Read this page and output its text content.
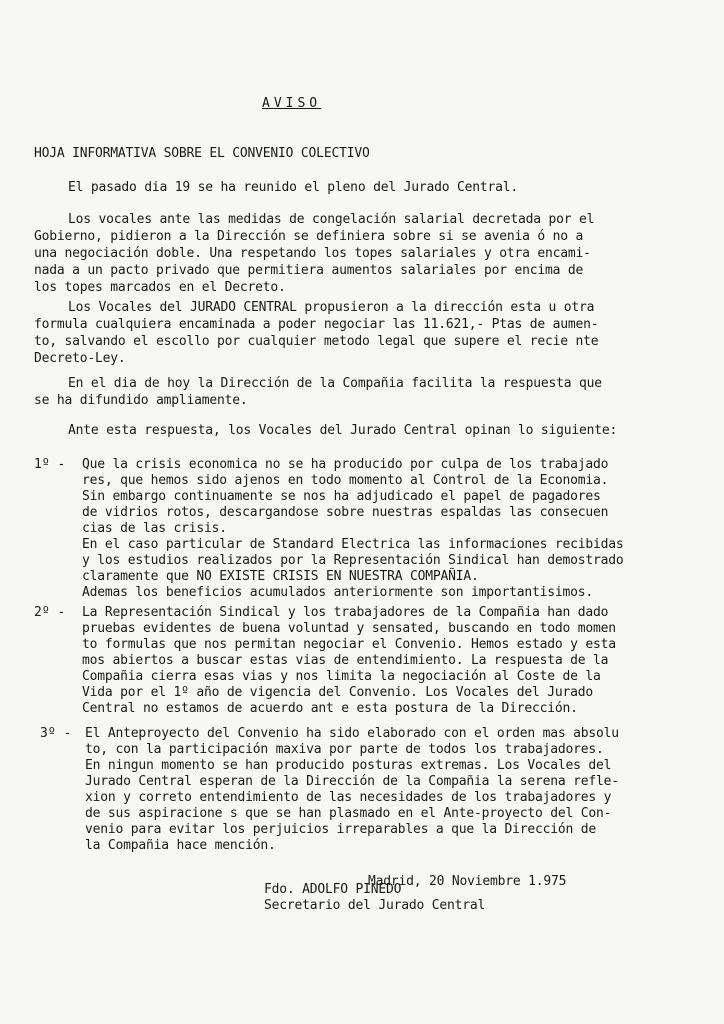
AVISO
HOJA INFORMATIVA SOBRE EL CONVENIO COLECTIVO
El pasado dia 19 se ha reunido el pleno del Jurado Central.
Los vocales ante las medidas de congelación salarial decretada por el
Gobierno, pidieron a la Dirección se definiera sobre si se avenia ó no a
una negociación doble. Una respetando los topes salariales y otra encami-
nada a un pacto privado que permitiera aumentos salariales por encima de
los topes marcados en el Decreto.
Los Vocales del JURADO CENTRAL propusieron a la dirección esta u otra
formula cualquiera encaminada a poder negociar las 11.621,- Ptas de aumen-
to, salvando el escollo por cualquier metodo legal que supere el recie nte
Decreto-Ley.
En el dia de hoy la Dirección de la Compañia facilita la respuesta que
se ha difundido ampliamente.
Ante esta respuesta, los Vocales del Jurado Central opinan lo siguiente:
1º - Que la crisis economica no se ha producido por culpa de los trabajado
res, que hemos sido ajenos en todo momento al Control de la Economia.
Sin embargo continuamente se nos ha adjudicado el papel de pagadores
de vidrios rotos, descargandose sobre nuestras espaldas las consecuen
cias de las crisis.
En el caso particular de Standard Electrica las informaciones recibidas
y los estudios realizados por la Representación Sindical han demostrado
claramente que NO EXISTE CRISIS EN NUESTRA COMPAÑIA.
Ademas los beneficios acumulados anteriormente son importantisimos.
2º - La Representación Sindical y los trabajadores de la Compañia han dado
pruebas evidentes de buena voluntad y sensated, buscando en todo momen
to formulas que nos permitan negociar el Convenio. Hemos estado y esta
mos abiertos a buscar estas vias de entendimiento. La respuesta de la
Compañia cierra esas vias y nos limita la negociación al Coste de la
Vida por el 1º año de vigencia del Convenio. Los Vocales del Jurado
Central no estamos de acuerdo ant e esta postura de la Dirección.
3º - El Anteproyecto del Convenio ha sido elaborado con el orden mas absolu
to, con la participación maxiva por parte de todos los trabajadores.
En ningun momento se han producido posturas extremas. Los Vocales del
Jurado Central esperan de la Dirección de la Compañia la serena refle-
xion y correto entendimiento de las necesidades de los trabajadores y
de sus aspiracione s que se han plasmado en el Ante-proyecto del Con-
venio para evitar los perjuicios irreparables a que la Dirección de
la Compañia hace mención.
Madrid, 20 Noviembre 1.975
Fdo. ADOLFO PINEDO
Secretario del Jurado Central
